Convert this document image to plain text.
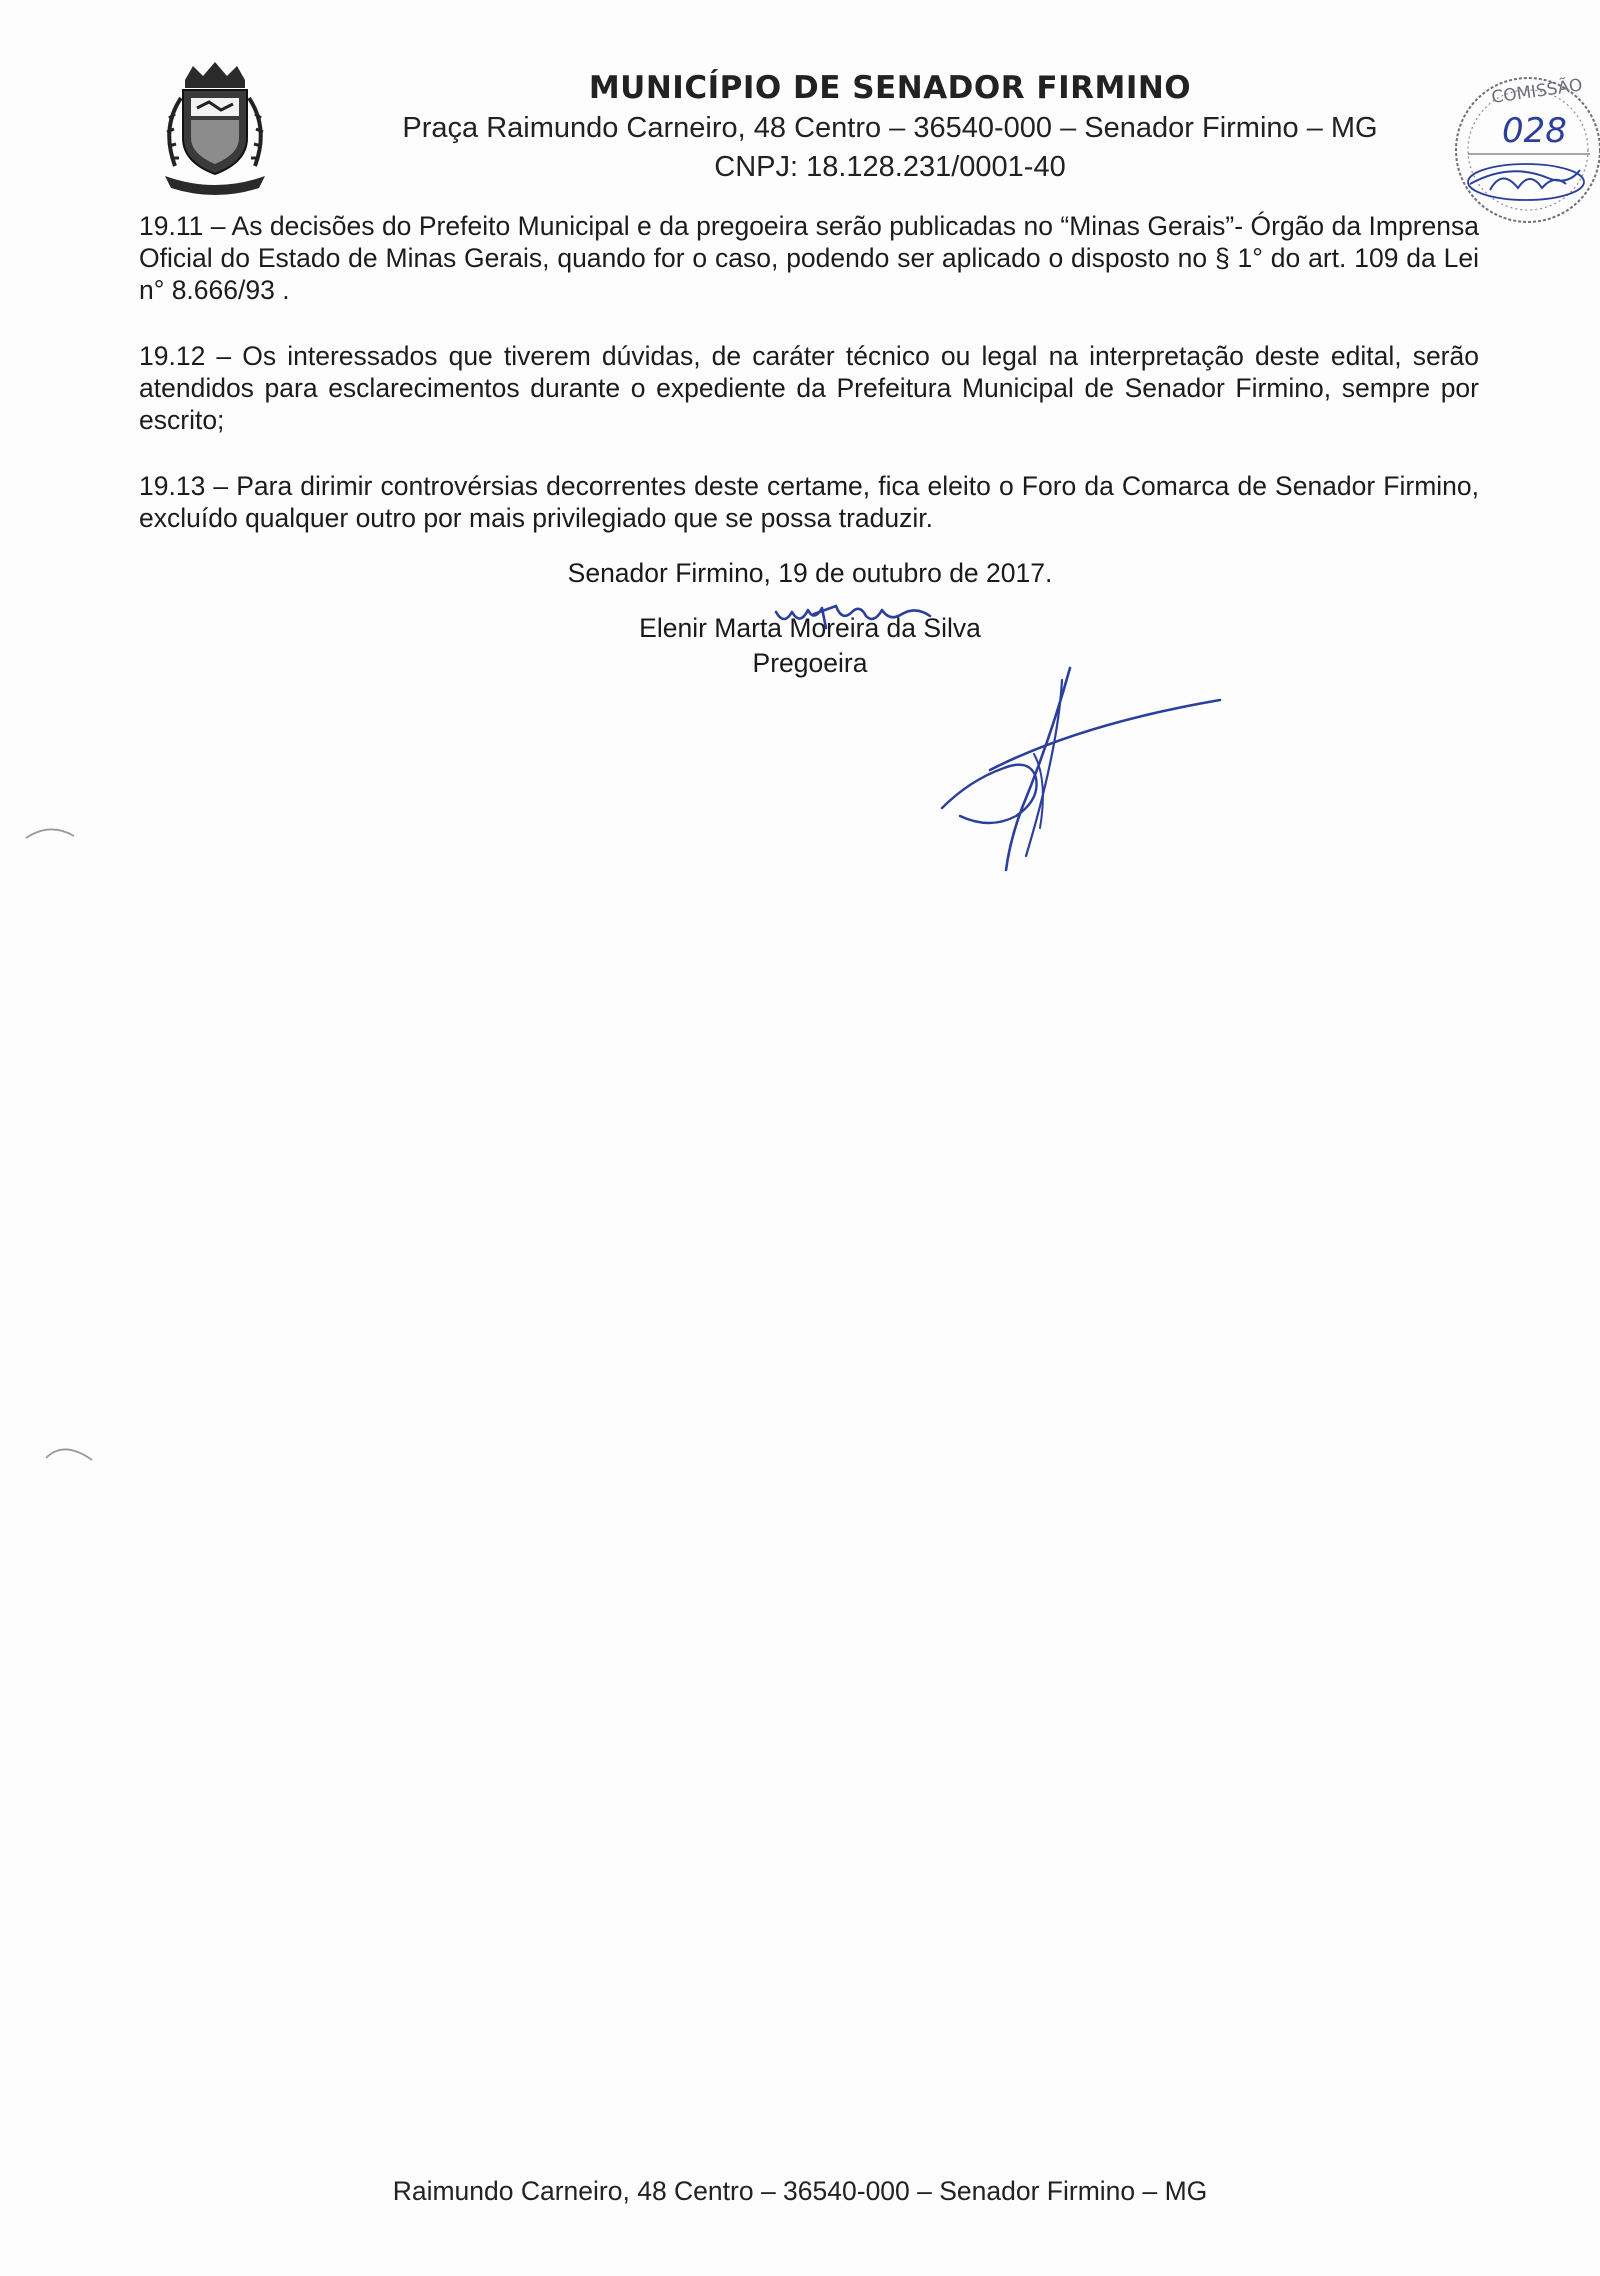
MUNICÍPIO DE SENADOR FIRMINO

Praça Raimundo Carneiro, 48 Centro – 36540-000 – Senador Firmino – MG

CNPJ: 18.128.231/0001-40

COMISSÃO
028

19.11 – As decisões do Prefeito Municipal e da pregoeira serão publicadas no “Minas Gerais”- Órgão da Imprensa Oficial do Estado de Minas Gerais, quando for o caso, podendo ser aplicado o disposto no § 1° do art. 109 da Lei n° 8.666/93 .

19.12 – Os interessados que tiverem dúvidas, de caráter técnico ou legal na interpretação deste edital, serão atendidos para esclarecimentos durante o expediente da Prefeitura Municipal de Senador Firmino, sempre por escrito;

19.13 – Para dirimir controvérsias decorrentes deste certame, fica eleito o Foro da Comarca de Senador Firmino, excluído qualquer outro por mais privilegiado que se possa traduzir.

Senador Firmino, 19 de outubro de 2017.

Elenir Marta Moreira da Silva

Pregoeira

Raimundo Carneiro, 48 Centro – 36540-000 – Senador Firmino – MG
